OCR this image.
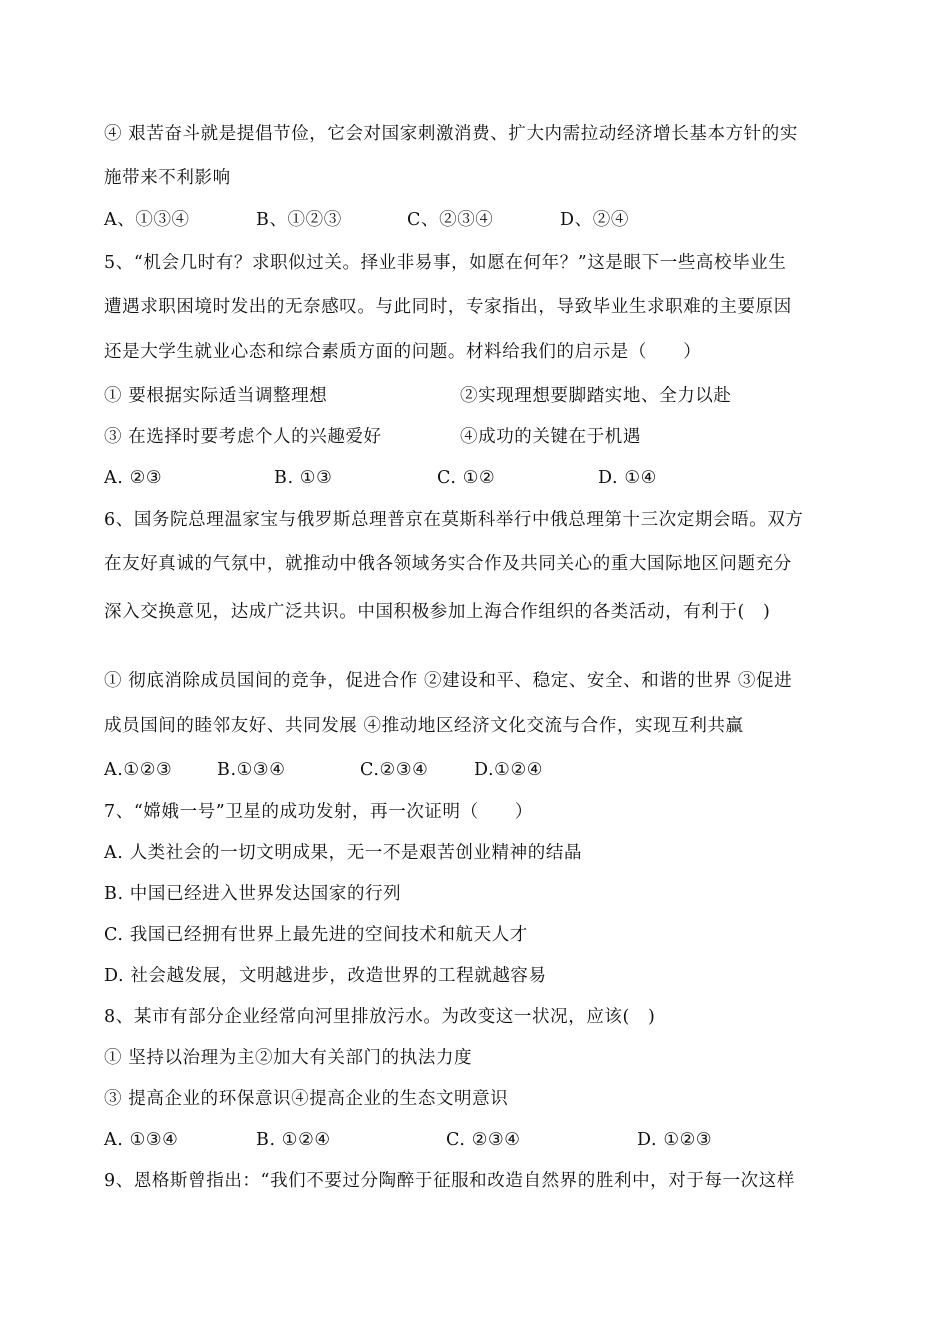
④ 艰苦奋斗就是提倡节俭，它会对国家刺激消费、扩大内需拉动经济增长基本方针的实
施带来不利影响
A、①③④	B、①②③	C、②③④	D、②④
5、“机会几时有？求职似过关。择业非易事，如愿在何年？”这是眼下一些高校毕业生
遭遇求职困境时发出的无奈感叹。与此同时，专家指出，导致毕业生求职难的主要原因
还是大学生就业心态和综合素质方面的问题。材料给我们的启示是（　　）
① 要根据实际适当调整理想	②实现理想要脚踏实地、全力以赴
③ 在选择时要考虑个人的兴趣爱好	④成功的关键在于机遇
A. ②③	B. ①③	C. ①②	D. ①④
6、国务院总理温家宝与俄罗斯总理普京在莫斯科举行中俄总理第十三次定期会晤。双方
在友好真诚的气氛中，就推动中俄各领域务实合作及共同关心的重大国际地区问题充分
深入交换意见，达成广泛共识。中国积极参加上海合作组织的各类活动，有利于(　)
① 彻底消除成员国间的竞争，促进合作 ②建设和平、稳定、安全、和谐的世界 ③促进
成员国间的睦邻友好、共同发展 ④推动地区经济文化交流与合作，实现互利共赢
A.①②③	B.①③④	C.②③④	D.①②④
7、“嫦娥一号”卫星的成功发射，再一次证明（　　）
A. 人类社会的一切文明成果，无一不是艰苦创业精神的结晶
B. 中国已经进入世界发达国家的行列
C. 我国已经拥有世界上最先进的空间技术和航天人才
D. 社会越发展，文明越进步，改造世界的工程就越容易
8、某市有部分企业经常向河里排放污水。为改变这一状况，应该(　)
① 坚持以治理为主②加大有关部门的执法力度
③ 提高企业的环保意识④提高企业的生态文明意识
A. ①③④	B. ①②④	C. ②③④	D. ①②③
9、恩格斯曾指出：“我们不要过分陶醉于征服和改造自然界的胜利中，对于每一次这样
